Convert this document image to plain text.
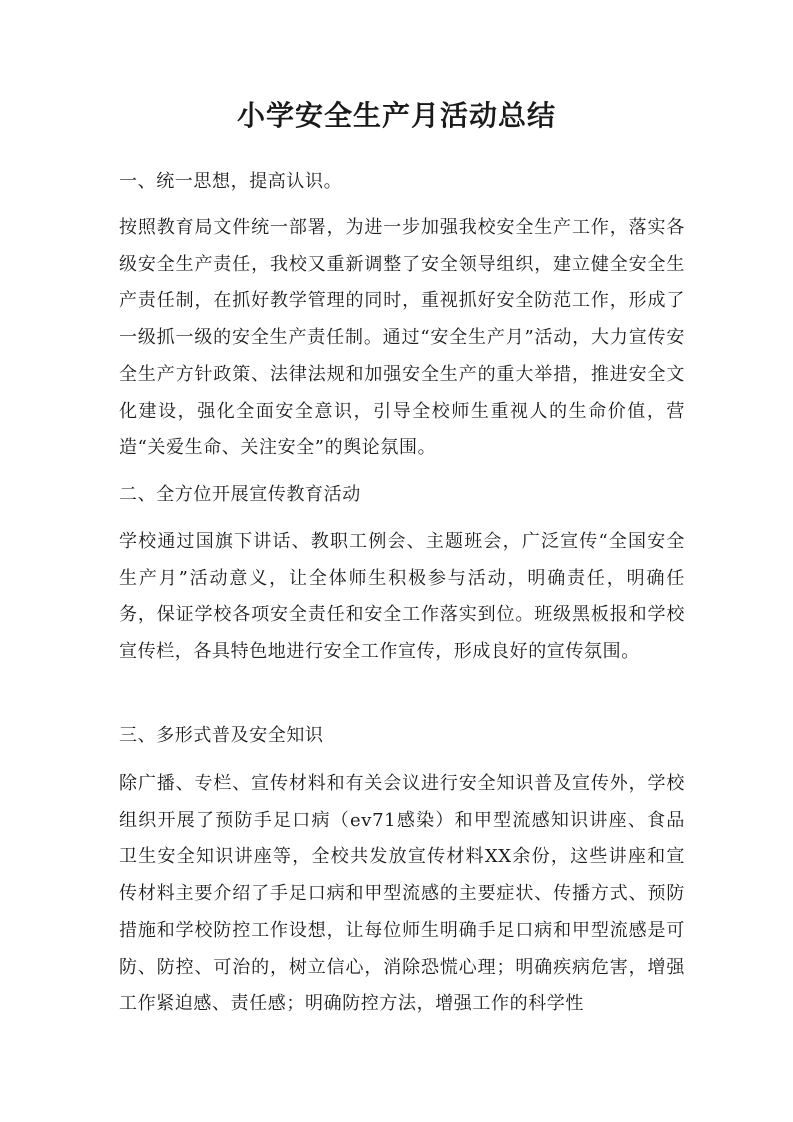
小学安全生产月活动总结

一、统一思想，提高认识。

按照教育局文件统一部署，为进一步加强我校安全生产工作，落实各级安全生产责任，我校又重新调整了安全领导组织，建立健全安全生产责任制，在抓好教学管理的同时，重视抓好安全防范工作，形成了一级抓一级的安全生产责任制。通过“安全生产月”活动，大力宣传安全生产方针政策、法律法规和加强安全生产的重大举措，推进安全文化建设，强化全面安全意识，引导全校师生重视人的生命价值，营造“关爱生命、关注安全”的舆论氛围。

二、全方位开展宣传教育活动

学校通过国旗下讲话、教职工例会、主题班会，广泛宣传“全国安全生产月”活动意义，让全体师生积极参与活动，明确责任，明确任务，保证学校各项安全责任和安全工作落实到位。班级黑板报和学校宣传栏，各具特色地进行安全工作宣传，形成良好的宣传氛围。

三、多形式普及安全知识

除广播、专栏、宣传材料和有关会议进行安全知识普及宣传外，学校组织开展了预防手足口病（ev71感染）和甲型流感知识讲座、食品卫生安全知识讲座等，全校共发放宣传材料XX余份，这些讲座和宣传材料主要介绍了手足口病和甲型流感的主要症状、传播方式、预防措施和学校防控工作设想，让每位师生明确手足口病和甲型流感是可防、防控、可治的，树立信心，消除恐慌心理；明确疾病危害，增强工作紧迫感、责任感；明确防控方法，增强工作的科学性
